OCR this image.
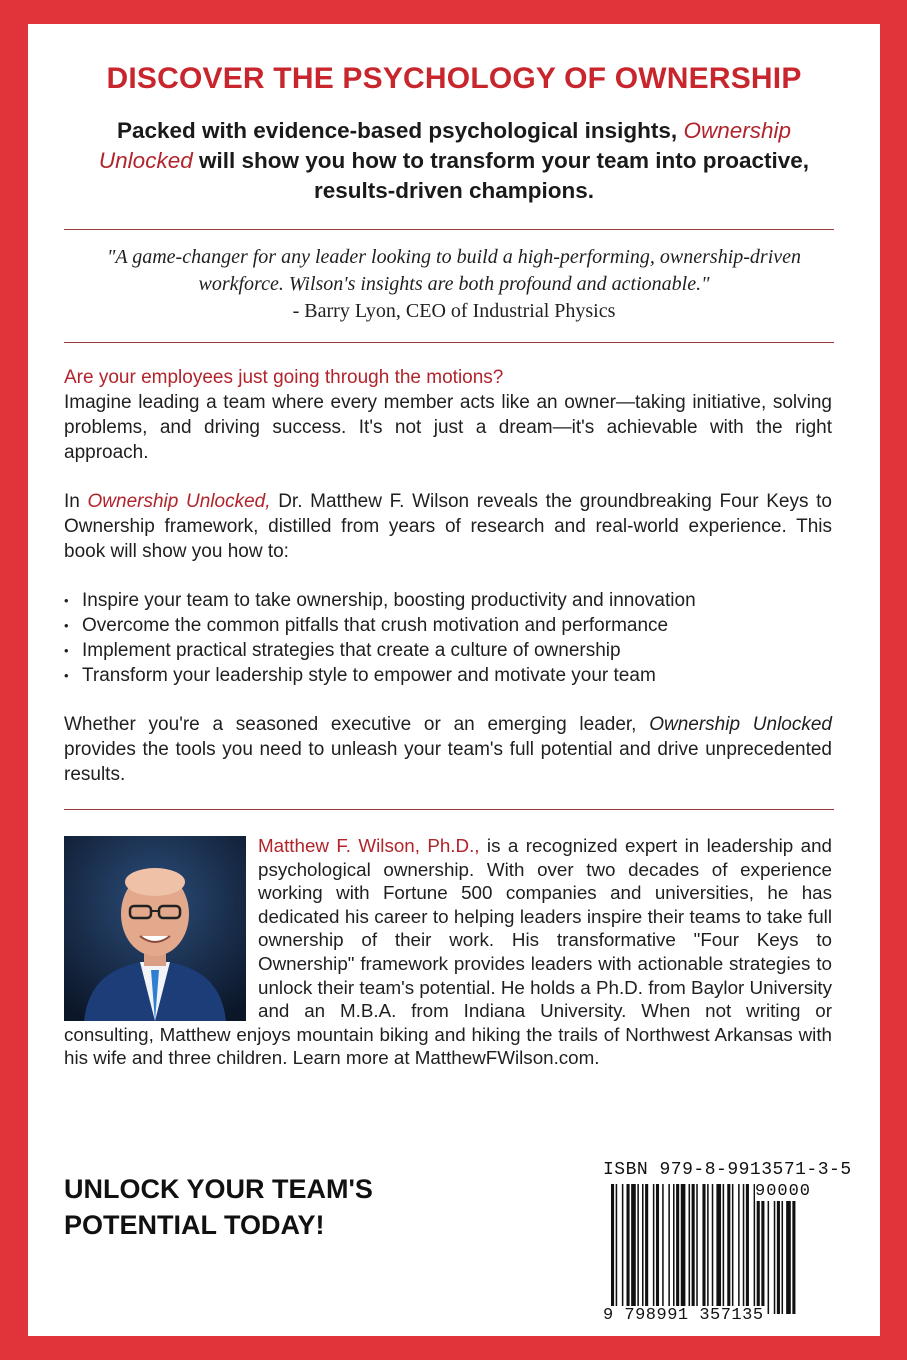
DISCOVER THE PSYCHOLOGY OF OWNERSHIP
Packed with evidence-based psychological insights, Ownership Unlocked will show you how to transform your team into proactive, results-driven champions.
"A game-changer for any leader looking to build a high-performing, ownership-driven workforce. Wilson's insights are both profound and actionable."
- Barry Lyon, CEO of Industrial Physics

Are your employees just going through the motions?

Imagine leading a team where every member acts like an owner—taking initiative, solving problems, and driving success. It's not just a dream—it's achievable with the right approach.

In Ownership Unlocked, Dr. Matthew F. Wilson reveals the groundbreaking Four Keys to Ownership framework, distilled from years of research and real-world experience. This book will show you how to:

• Inspire your team to take ownership, boosting productivity and innovation
• Overcome the common pitfalls that crush motivation and performance
• Implement practical strategies that create a culture of ownership
• Transform your leadership style to empower and motivate your team

Whether you're a seasoned executive or an emerging leader, Ownership Unlocked provides the tools you need to unleash your team's full potential and drive unprecedented results.

Matthew F. Wilson, Ph.D., is a recognized expert in leadership and psychological ownership. With over two decades of experience working with Fortune 500 companies and universities, he has dedicated his career to helping leaders inspire their teams to take full ownership of their work. His transformative "Four Keys to Ownership" framework provides leaders with actionable strategies to unlock their team's potential. He holds a Ph.D. from Baylor University and an M.B.A. from Indiana University. When not writing or consulting, Matthew enjoys mountain biking and hiking the trails of Northwest Arkansas with his wife and three children. Learn more at MatthewFWilson.com.
UNLOCK YOUR TEAM'S
POTENTIAL TODAY!
ISBN 979-8-9913571-3-5
90000
9 798991 357135
